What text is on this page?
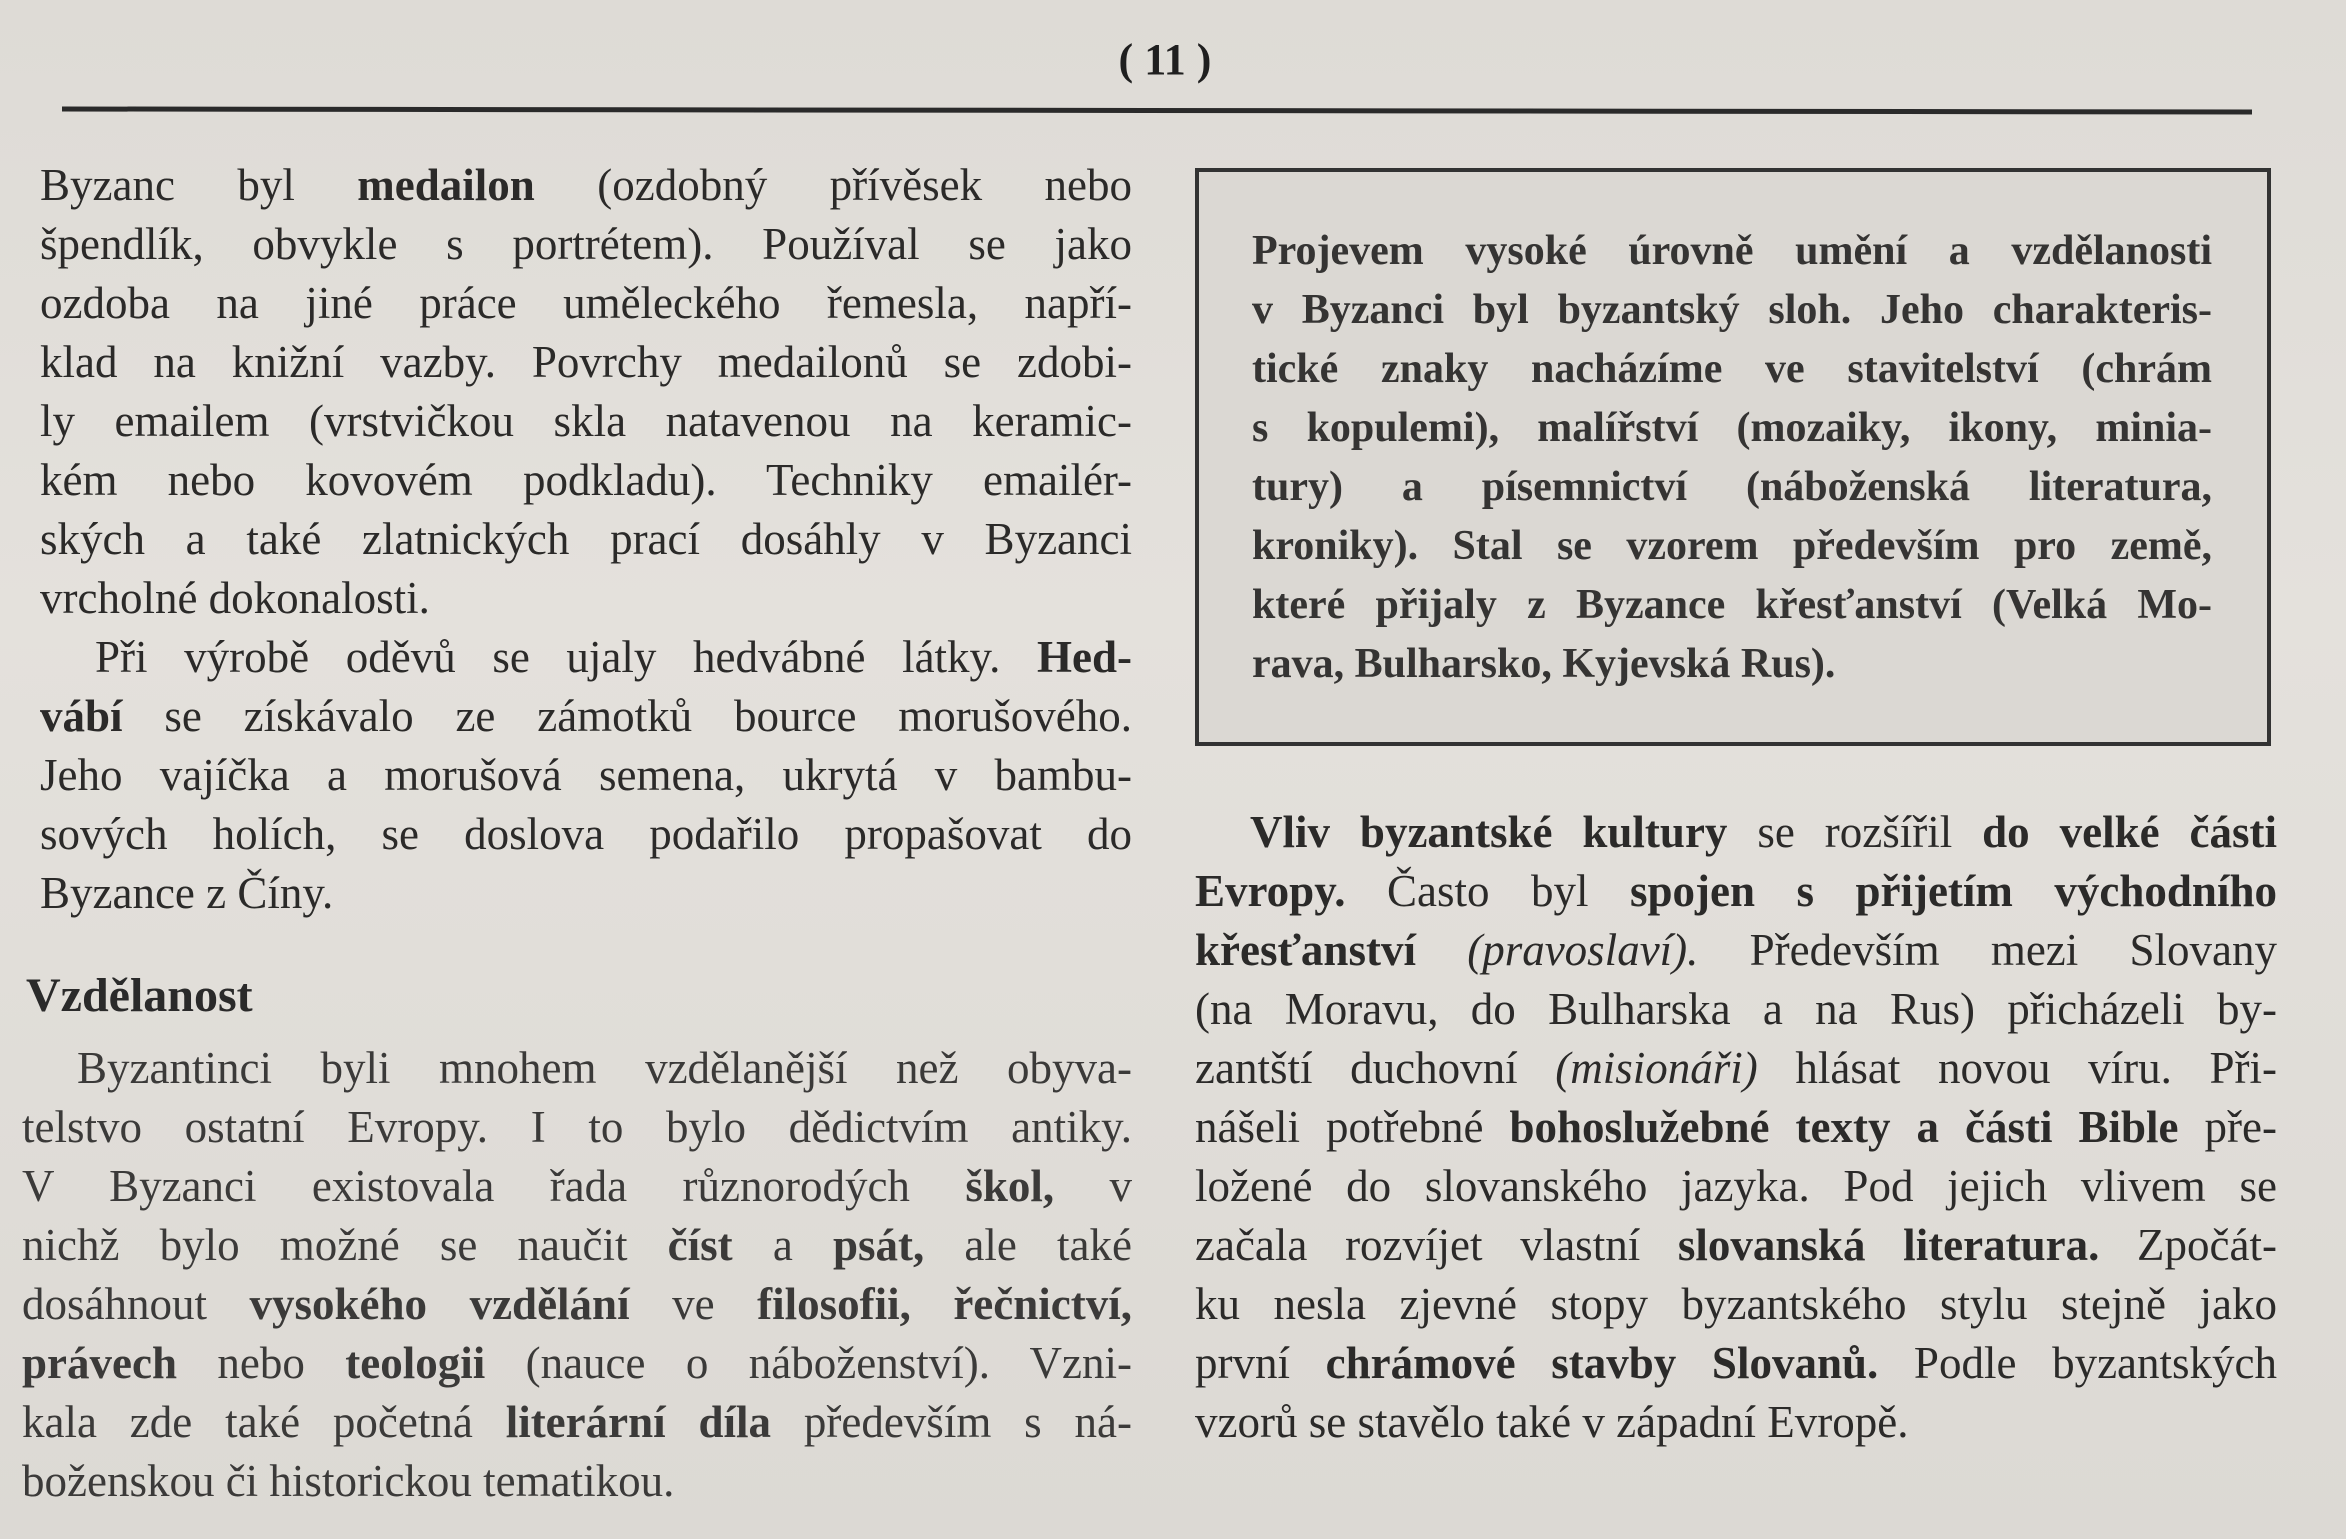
( 11 )
Byzanc byl medailon (ozdobný přívěsek nebo
špendlík, obvykle s portrétem). Používal se jako
ozdoba na jiné práce uměleckého řemesla, napří-
klad na knižní vazby. Povrchy medailonů se zdobi-
ly emailem (vrstvičkou skla natavenou na keramic-
kém nebo kovovém podkladu). Techniky emailér-
ských a také zlatnických prací dosáhly v Byzanci
vrcholné dokonalosti.
Při výrobě oděvů se ujaly hedvábné látky. Hed-
vábí se získávalo ze zámotků bource morušového.
Jeho vajíčka a morušová semena, ukrytá v bambu-
sových holích, se doslova podařilo propašovat do
Byzance z Číny.
Vzdělanost
Byzantinci byli mnohem vzdělanější než obyva-
telstvo ostatní Evropy. I to bylo dědictvím antiky.
V Byzanci existovala řada různorodých škol, v
nichž bylo možné se naučit číst a psát, ale také
dosáhnout vysokého vzdělání ve filosofii, řečnictví,
právech nebo teologii (nauce o náboženství). Vzni-
kala zde také početná literární díla především s ná-
boženskou či historickou tematikou.
Projevem vysoké úrovně umění a vzdělanosti
v Byzanci byl byzantský sloh. Jeho charakteris-
tické znaky nacházíme ve stavitelství (chrám
s kopulemi), malířství (mozaiky, ikony, minia-
tury) a písemnictví (náboženská literatura,
kroniky). Stal se vzorem především pro země,
které přijaly z Byzance křesťanství (Velká Mo-
rava, Bulharsko, Kyjevská Rus).
Vliv byzantské kultury se rozšířil do velké části
Evropy. Často byl spojen s přijetím východního
křesťanství (pravoslaví). Především mezi Slovany
(na Moravu, do Bulharska a na Rus) přicházeli by-
zantští duchovní (misionáři) hlásat novou víru. Při-
nášeli potřebné bohoslužebné texty a části Bible pře-
ložené do slovanského jazyka. Pod jejich vlivem se
začala rozvíjet vlastní slovanská literatura. Zpočát-
ku nesla zjevné stopy byzantského stylu stejně jako
první chrámové stavby Slovanů. Podle byzantských
vzorů se stavělo také v západní Evropě.
